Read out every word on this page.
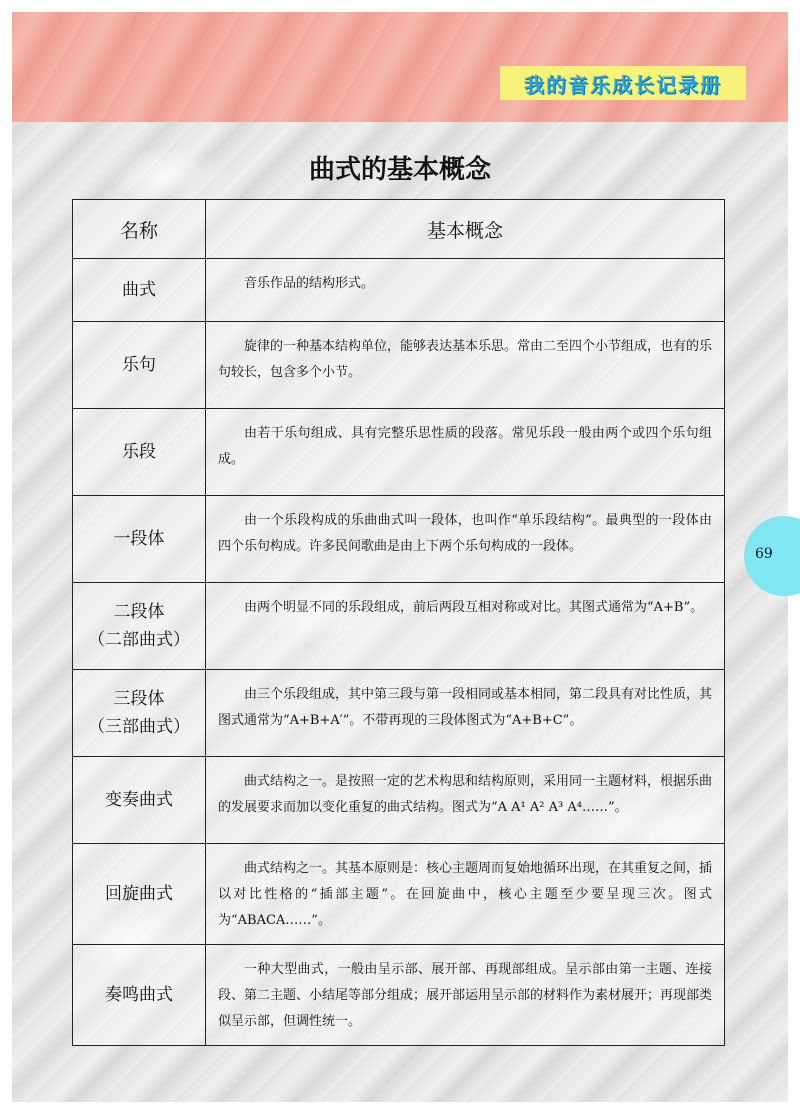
我的音乐成长记录册
曲式的基本概念
名称	基本概念
曲式	音乐作品的结构形式。
乐句	旋律的一种基本结构单位，能够表达基本乐思。常由二至四个小节组成，也有的乐句较长，包含多个小节。
乐段	由若干乐句组成、具有完整乐思性质的段落。常见乐段一般由两个或四个乐句组成。
一段体	由一个乐段构成的乐曲曲式叫一段体，也叫作“单乐段结构”。最典型的一段体由四个乐句构成。许多民间歌曲是由上下两个乐句构成的一段体。
二段体
（二部曲式）	由两个明显不同的乐段组成，前后两段互相对称或对比。其图式通常为“A+B”。
三段体
（三部曲式）	由三个乐段组成，其中第三段与第一段相同或基本相同，第二段具有对比性质，其图式通常为“A+B+A′”。不带再现的三段体图式为“A+B+C”。
变奏曲式	曲式结构之一。是按照一定的艺术构思和结构原则，采用同一主题材料，根据乐曲的发展要求而加以变化重复的曲式结构。图式为“A A¹ A² A³ A⁴……”。
回旋曲式	曲式结构之一。其基本原则是：核心主题周而复始地循环出现，在其重复之间，插以对比性格的“插部主题”。在回旋曲中，核心主题至少要呈现三次。图式为“ABACA……”。
奏鸣曲式	一种大型曲式，一般由呈示部、展开部、再现部组成。呈示部由第一主题、连接段、第二主题、小结尾等部分组成；展开部运用呈示部的材料作为素材展开；再现部类似呈示部，但调性统一。
69
